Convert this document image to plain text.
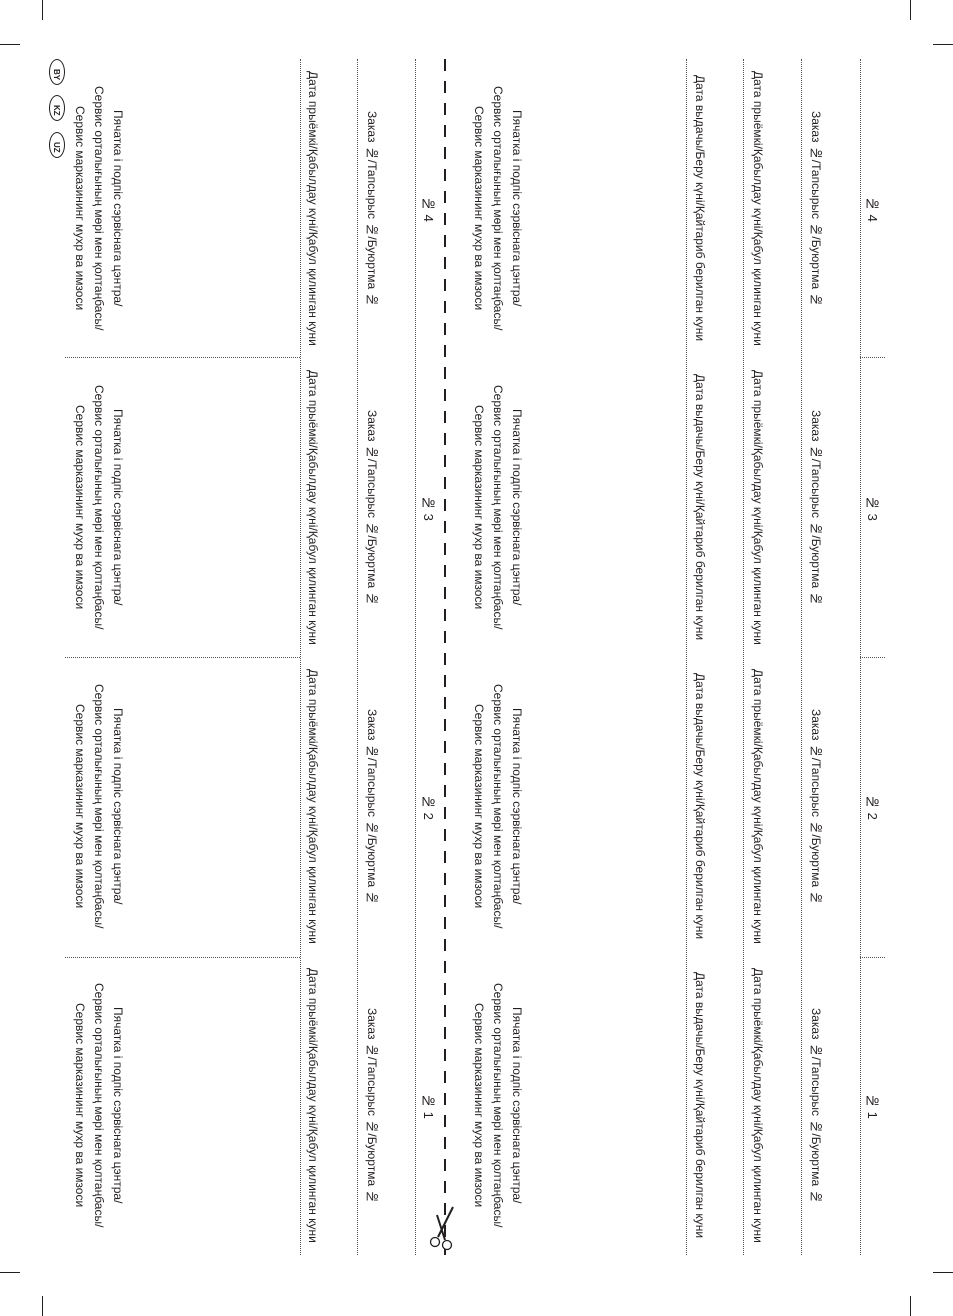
BY
KZ
UZ
№ 4
Заказ №/Тапсырыс №/Буюртма №
Дата прыёмкі/Қабылдау күні/Қабул қилинган куни
Дата выдачы/Беру күні/Қайтариб берилган куни
Пячатка і подпіс сэрвіснага цэнтра/
Сервис орталығының мөрі мен қолтаңбасы/
Сервис марказининг мухр ва имзоси
№ 4
Заказ №/Тапсырыс №/Буюртма №
Дата прыёмкі/Қабылдау күні/Қабул қилинган куни
Пячатка і подпіс сэрвіснага цэнтра/
Сервис орталығының мөрі мен қолтаңбасы/
Сервис марказининг мухр ва имзоси
№ 3
Заказ №/Тапсырыс №/Буюртма №
Дата прыёмкі/Қабылдау күні/Қабул қилинган куни
Дата выдачы/Беру күні/Қайтариб берилган куни
Пячатка і подпіс сэрвіснага цэнтра/
Сервис орталығының мөрі мен қолтаңбасы/
Сервис марказининг мухр ва имзоси
№ 3
Заказ №/Тапсырыс №/Буюртма №
Дата прыёмкі/Қабылдау күні/Қабул қилинган куни
Пячатка і подпіс сэрвіснага цэнтра/
Сервис орталығының мөрі мен қолтаңбасы/
Сервис марказининг мухр ва имзоси
№ 2
Заказ №/Тапсырыс №/Буюртма №
Дата прыёмкі/Қабылдау күні/Қабул қилинган куни
Дата выдачы/Беру күні/Қайтариб берилган куни
Пячатка і подпіс сэрвіснага цэнтра/
Сервис орталығының мөрі мен қолтаңбасы/
Сервис марказининг мухр ва имзоси
№ 2
Заказ №/Тапсырыс №/Буюртма №
Дата прыёмкі/Қабылдау күні/Қабул қилинган куни
Пячатка і подпіс сэрвіснага цэнтра/
Сервис орталығының мөрі мен қолтаңбасы/
Сервис марказининг мухр ва имзоси
№ 1
Заказ №/Тапсырыс №/Буюртма №
Дата прыёмкі/Қабылдау күні/Қабул қилинган куни
Дата выдачы/Беру күні/Қайтариб берилган куни
Пячатка і подпіс сэрвіснага цэнтра/
Сервис орталығының мөрі мен қолтаңбасы/
Сервис марказининг мухр ва имзоси
№ 1
Заказ №/Тапсырыс №/Буюртма №
Дата прыёмкі/Қабылдау күні/Қабул қилинган куни
Пячатка і подпіс сэрвіснага цэнтра/
Сервис орталығының мөрі мен қолтаңбасы/
Сервис марказининг мухр ва имзоси
